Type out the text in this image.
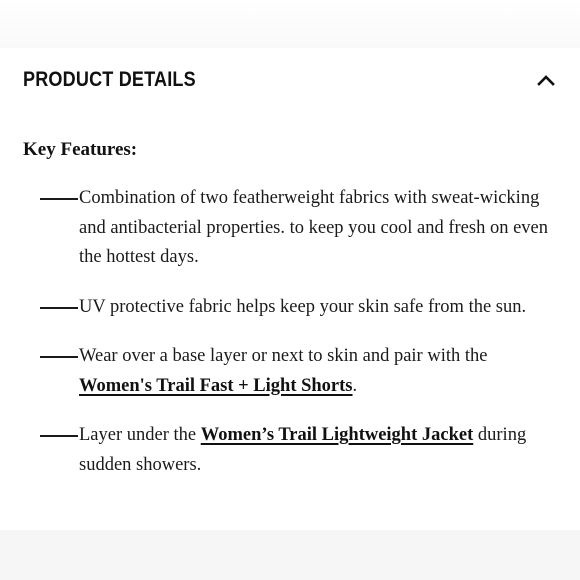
PRODUCT DETAILS
Key Features:
Combination of two featherweight fabrics with sweat-wicking and antibacterial properties. to keep you cool and fresh on even the hottest days.
UV protective fabric helps keep your skin safe from the sun.
Wear over a base layer or next to skin and pair with the Women's Trail Fast + Light Shorts.
Layer under the Women’s Trail Lightweight Jacket during sudden showers.
